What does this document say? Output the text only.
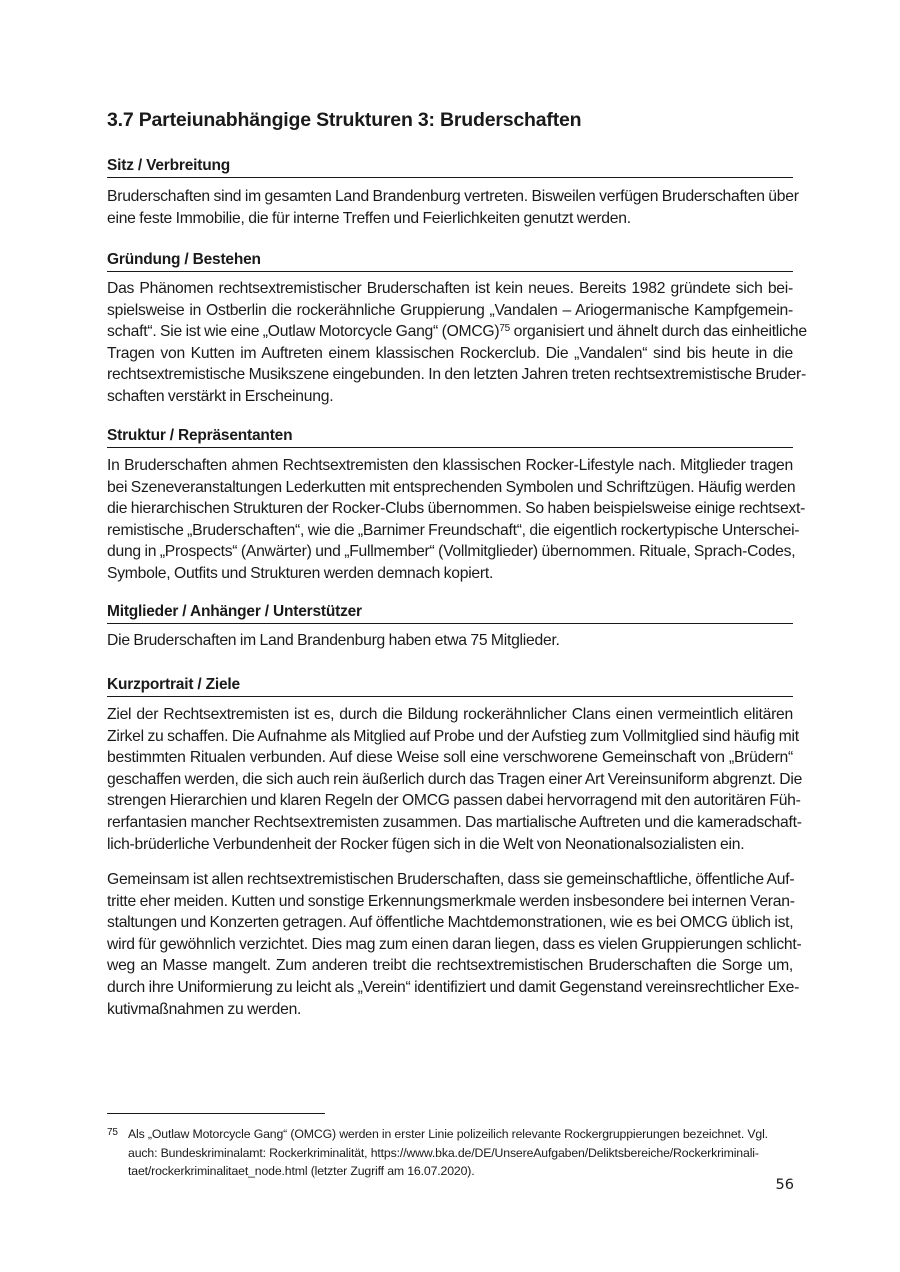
3.7 Parteiunabhängige Strukturen 3: Bruderschaften
Sitz / Verbreitung
Bruderschaften sind im gesamten Land Brandenburg vertreten. Bisweilen verfügen Bruderschaften über
eine feste Immobilie, die für interne Treffen und Feierlichkeiten genutzt werden.
Gründung / Bestehen
Das Phänomen rechtsextremistischer Bruderschaften ist kein neues. Bereits 1982 gründete sich bei-
spielsweise in Ostberlin die rockerähnliche Gruppierung „Vandalen – Ariogermanische Kampfgemein-
schaft“. Sie ist wie eine „Outlaw Motorcycle Gang“ (OMCG)$^{75}$ organisiert und ähnelt durch das einheitliche
Tragen von Kutten im Auftreten einem klassischen Rockerclub. Die „Vandalen“ sind bis heute in die
rechtsextremistische Musikszene eingebunden. In den letzten Jahren treten rechtsextremistische Bruder-
schaften verstärkt in Erscheinung.
Struktur / Repräsentanten
In Bruderschaften ahmen Rechtsextremisten den klassischen Rocker-Lifestyle nach. Mitglieder tragen
bei Szeneveranstaltungen Lederkutten mit entsprechenden Symbolen und Schriftzügen. Häufig werden
die hierarchischen Strukturen der Rocker-Clubs übernommen. So haben beispielsweise einige rechtsext-
remistische „Bruderschaften“, wie die „Barnimer Freundschaft“, die eigentlich rockertypische Unterschei-
dung in „Prospects“ (Anwärter) und „Fullmember“ (Vollmitglieder) übernommen. Rituale, Sprach-Codes,
Symbole, Outfits und Strukturen werden demnach kopiert.
Mitglieder / Anhänger / Unterstützer
Die Bruderschaften im Land Brandenburg haben etwa 75 Mitglieder.
Kurzportrait / Ziele
Ziel der Rechtsextremisten ist es, durch die Bildung rockerähnlicher Clans einen vermeintlich elitären
Zirkel zu schaffen. Die Aufnahme als Mitglied auf Probe und der Aufstieg zum Vollmitglied sind häufig mit
bestimmten Ritualen verbunden. Auf diese Weise soll eine verschworene Gemeinschaft von „Brüdern“
geschaffen werden, die sich auch rein äußerlich durch das Tragen einer Art Vereinsuniform abgrenzt. Die
strengen Hierarchien und klaren Regeln der OMCG passen dabei hervorragend mit den autoritären Füh-
rerfantasien mancher Rechtsextremisten zusammen. Das martialische Auftreten und die kameradschaft-
lich-brüderliche Verbundenheit der Rocker fügen sich in die Welt von Neonationalsozialisten ein.
Gemeinsam ist allen rechtsextremistischen Bruderschaften, dass sie gemeinschaftliche, öffentliche Auf-
tritte eher meiden. Kutten und sonstige Erkennungsmerkmale werden insbesondere bei internen Veran-
staltungen und Konzerten getragen. Auf öffentliche Machtdemonstrationen, wie es bei OMCG üblich ist,
wird für gewöhnlich verzichtet. Dies mag zum einen daran liegen, dass es vielen Gruppierungen schlicht-
weg an Masse mangelt. Zum anderen treibt die rechtsextremistischen Bruderschaften die Sorge um,
durch ihre Uniformierung zu leicht als „Verein“ identifiziert und damit Gegenstand vereinsrechtlicher Exe-
kutivmaßnahmen zu werden.
75 Als „Outlaw Motorcycle Gang“ (OMCG) werden in erster Linie polizeilich relevante Rockergruppierungen bezeichnet. Vgl.
auch: Bundeskriminalamt: Rockerkriminalität, https://www.bka.de/DE/UnsereAufgaben/Deliktsbereiche/Rockerkriminali-
taet/rockerkriminalitaet_node.html (letzter Zugriff am 16.07.2020).
56
